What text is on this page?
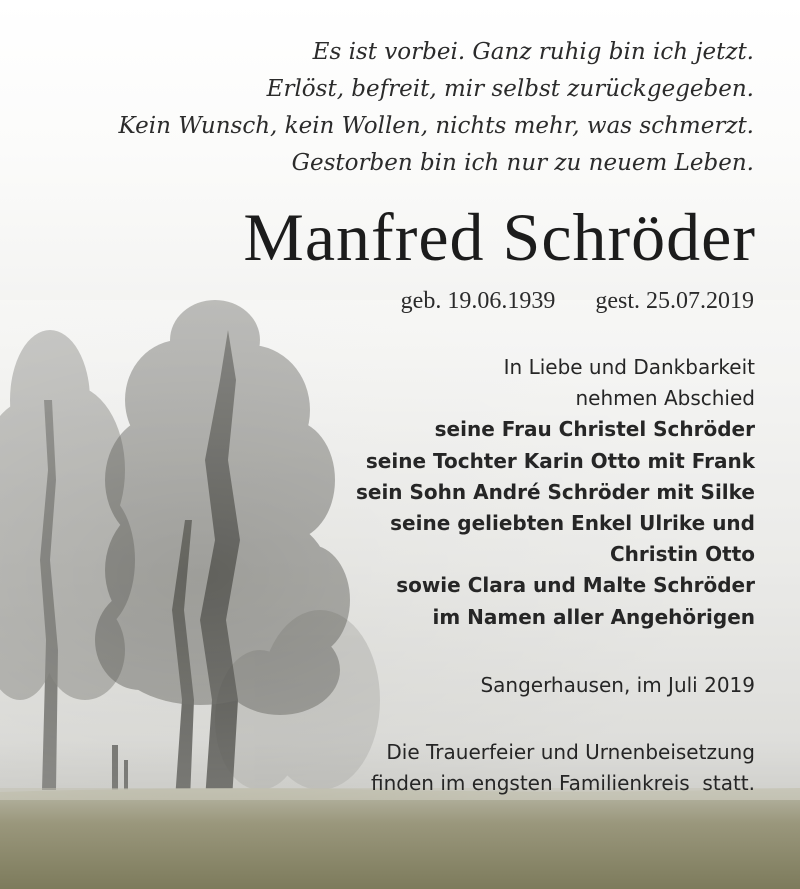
Es ist vorbei. Ganz ruhig bin ich jetzt.
Erlöst, befreit, mir selbst zurückgegeben.
Kein Wunsch, kein Wollen, nichts mehr, was schmerzt.
Gestorben bin ich nur zu neuem Leben.

Manfred Schröder
geb. 19.06.1939 gest. 25.07.2019
In Liebe und Dankbarkeit
nehmen Abschied
seine Frau Christel Schröder
seine Tochter Karin Otto mit Frank
sein Sohn André Schröder mit Silke
seine geliebten Enkel Ulrike und
Christin Otto
sowie Clara und Malte Schröder
im Namen aller Angehörigen
Sangerhausen, im Juli 2019
Die Trauerfeier und Urnenbeisetzung
finden im engsten Familienkreis  statt.
